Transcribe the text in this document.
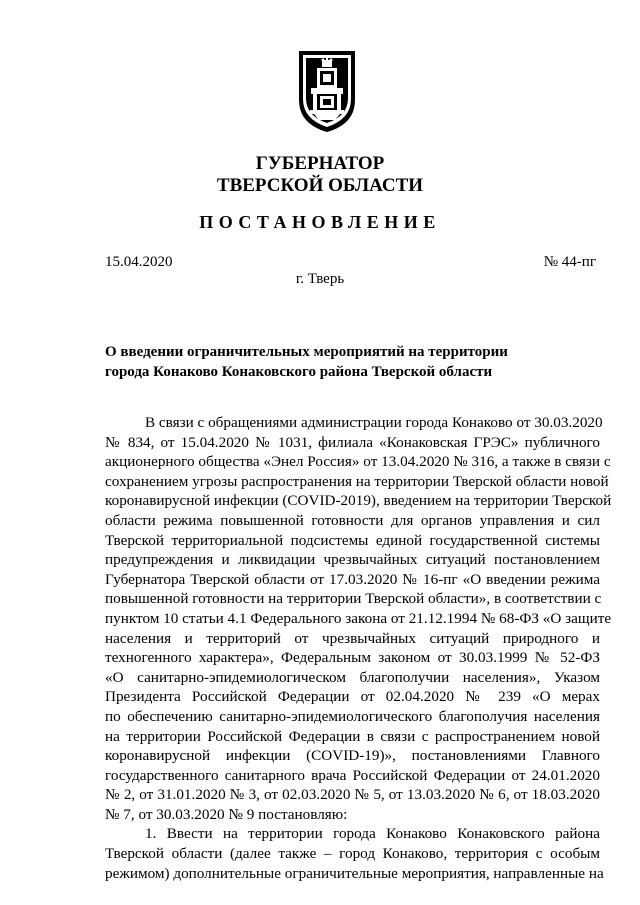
ГУБЕРНАТОР
ТВЕРСКОЙ ОБЛАСТИ
ПОСТАНОВЛЕНИЕ
15.04.2020	№ 44-пг
г. Тверь
О введении ограничительных мероприятий на территории
города Конаково Конаковского района Тверской области
В связи с обращениями администрации города Конаково от 30.03.2020
№ 834, от 15.04.2020 № 1031, филиала «Конаковская ГРЭС» публичного
акционерного общества «Энел Россия» от 13.04.2020 № 316, а также в связи с
сохранением угрозы распространения на территории Тверской области новой
коронавирусной инфекции (COVID-2019), введением на территории Тверской
области режима повышенной готовности для органов управления и сил
Тверской территориальной подсистемы единой государственной системы
предупреждения и ликвидации чрезвычайных ситуаций постановлением
Губернатора Тверской области от 17.03.2020 № 16-пг «О введении режима
повышенной готовности на территории Тверской области», в соответствии с
пунктом 10 статьи 4.1 Федерального закона от 21.12.1994 № 68-ФЗ «О защите
населения и территорий от чрезвычайных ситуаций природного и
техногенного характера», Федеральным законом от 30.03.1999 № 52-ФЗ
«О санитарно-эпидемиологическом благополучии населения», Указом
Президента Российской Федерации от 02.04.2020 № 239 «О мерах
по обеспечению санитарно-эпидемиологического благополучия населения
на территории Российской Федерации в связи с распространением новой
коронавирусной инфекции (COVID-19)», постановлениями Главного
государственного санитарного врача Российской Федерации от 24.01.2020
№ 2, от 31.01.2020 № 3, от 02.03.2020 № 5, от 13.03.2020 № 6, от 18.03.2020
№ 7, от 30.03.2020 № 9 постановляю:
1. Ввести на территории города Конаково Конаковского района
Тверской области (далее также – город Конаково, территория с особым
режимом) дополнительные ограничительные мероприятия, направленные на
